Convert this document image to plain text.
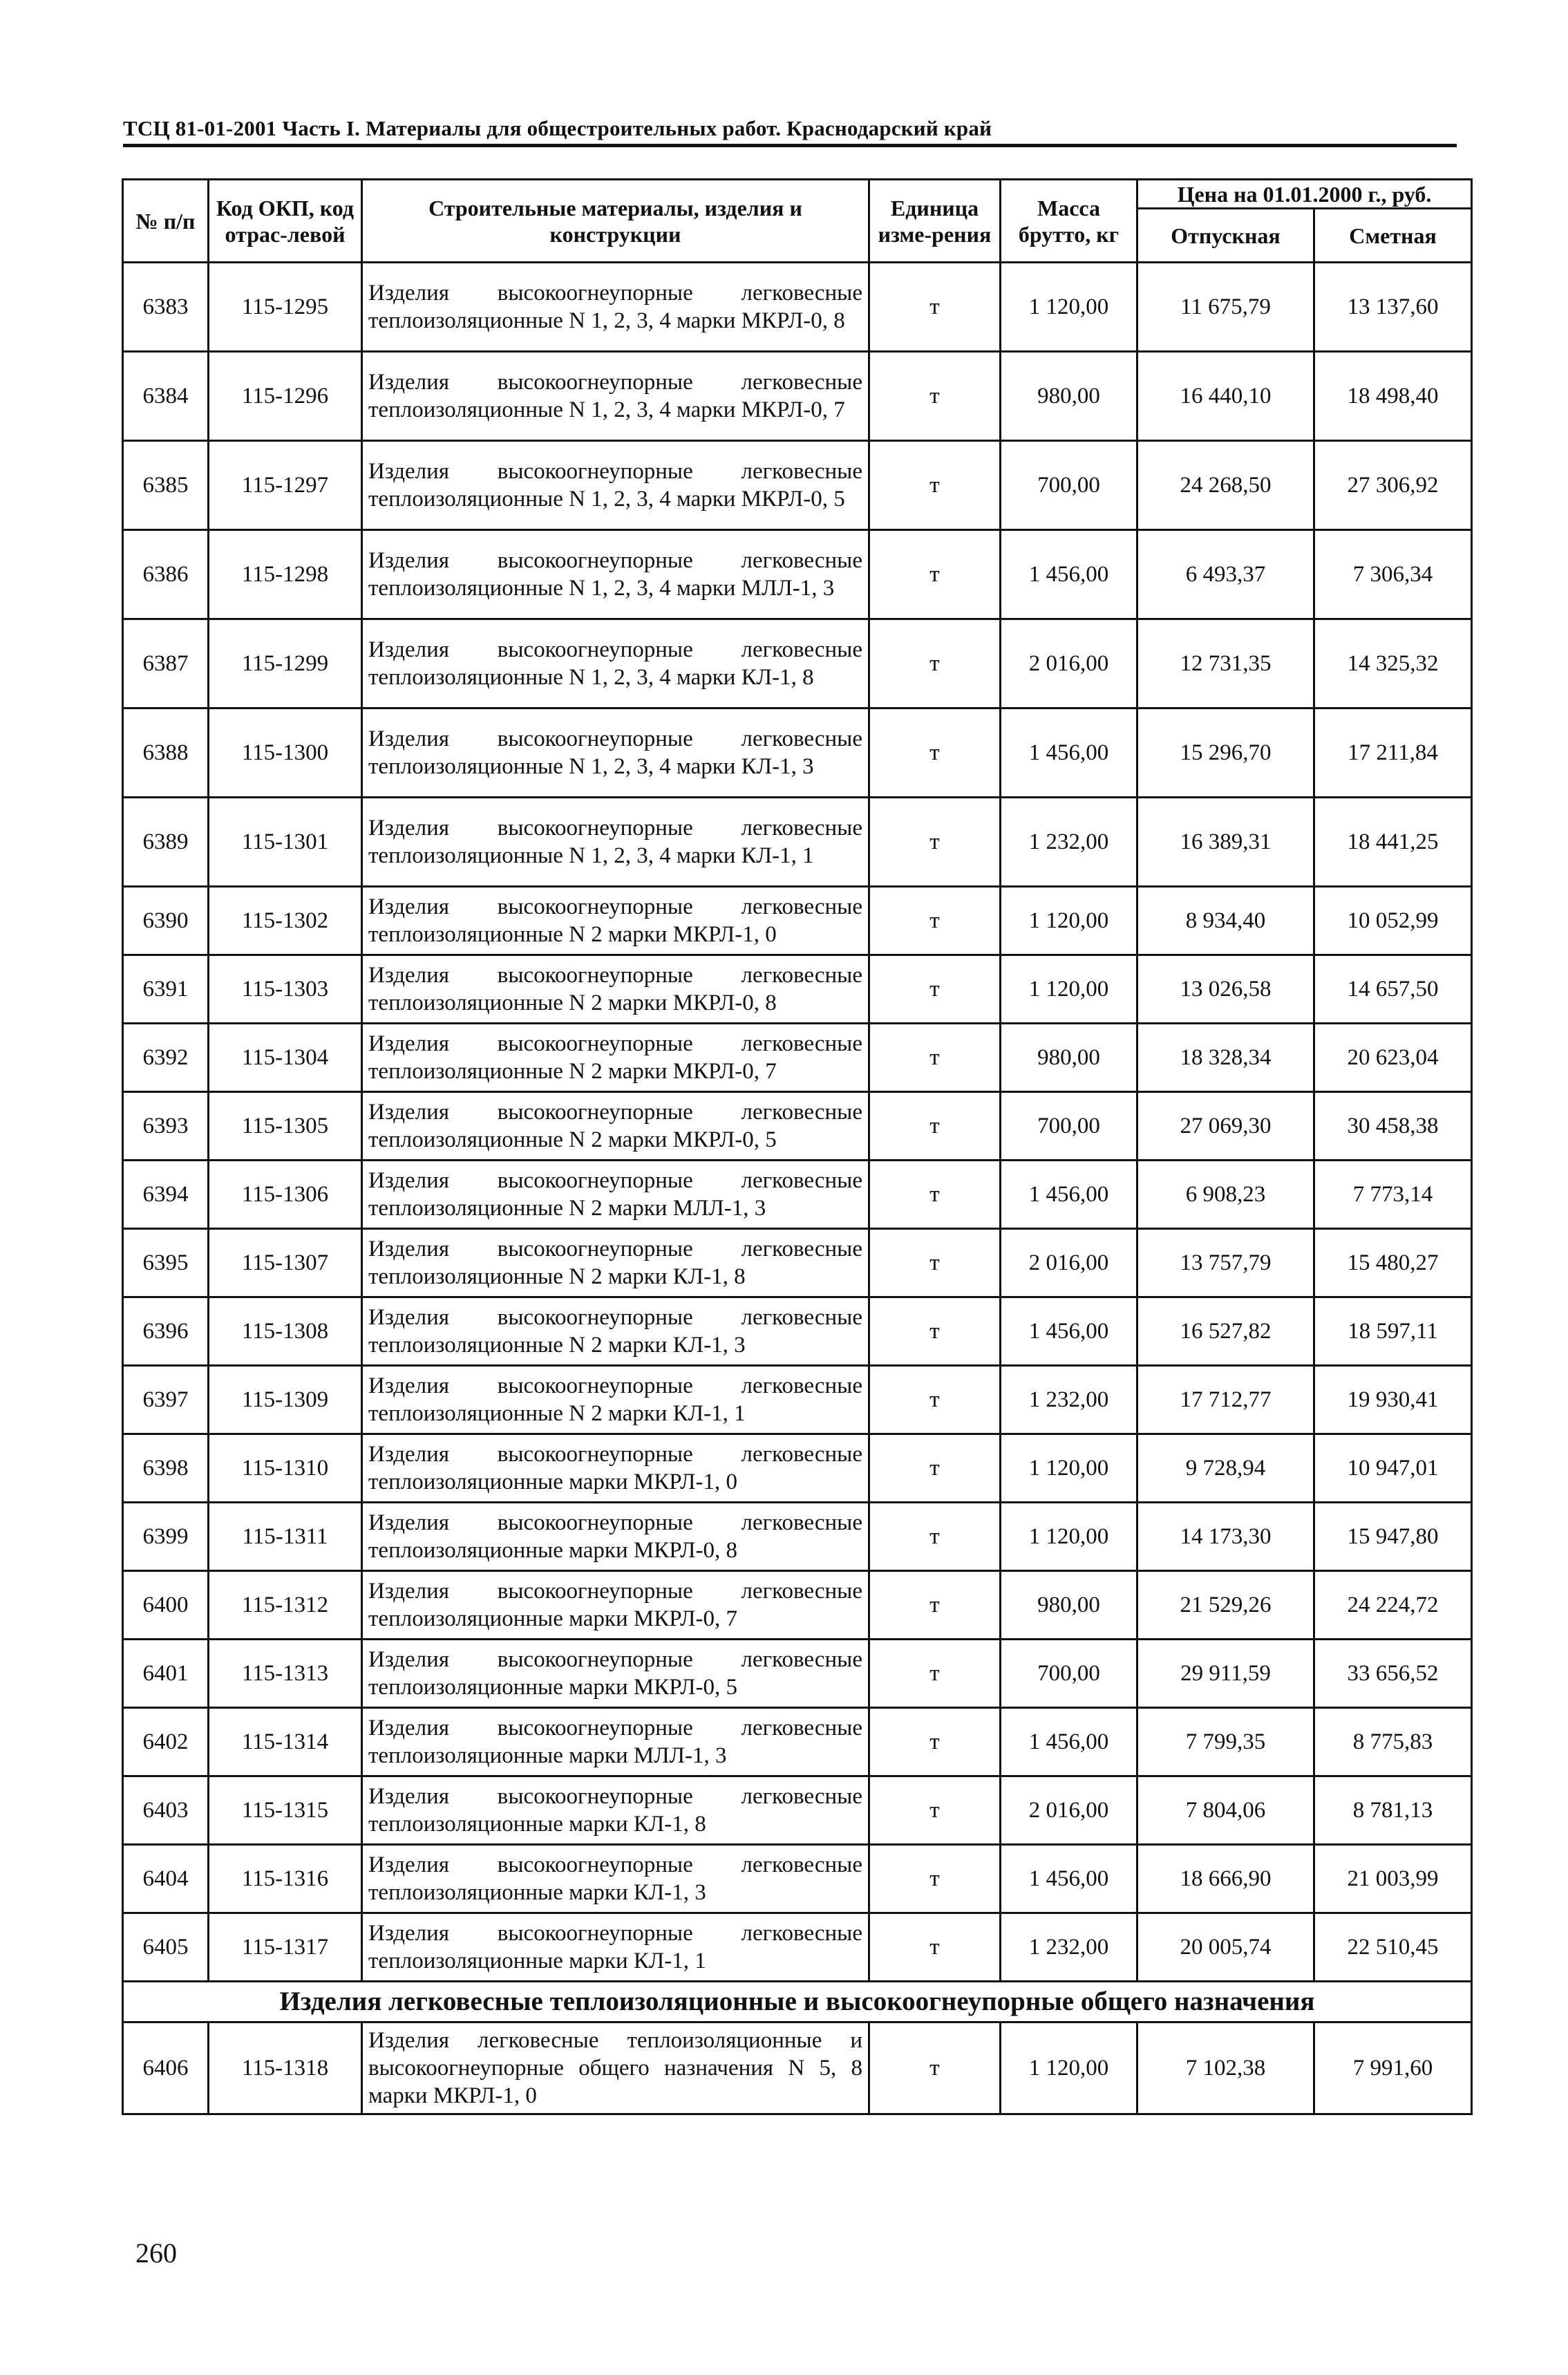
ТСЦ 81-01-2001 Часть I. Материалы для общестроительных работ. Краснодарский край
№ п/п	Код ОКП, код отрас-левой	Строительные материалы, изделия и конструкции	Единица изме-рения	Масса брутто, кг	Цена на 01.01.2000 г., руб.	
					Отпускная	Сметная
6383	115-1295	Изделия высокоогнеупорные легковесные теплоизоляционные N 1, 2, 3, 4 марки МКРЛ-0, 8	т	1 120,00	11 675,79	13 137,60
6384	115-1296	Изделия высокоогнеупорные легковесные теплоизоляционные N 1, 2, 3, 4 марки МКРЛ-0, 7	т	980,00	16 440,10	18 498,40
6385	115-1297	Изделия высокоогнеупорные легковесные теплоизоляционные N 1, 2, 3, 4 марки МКРЛ-0, 5	т	700,00	24 268,50	27 306,92
6386	115-1298	Изделия высокоогнеупорные легковесные теплоизоляционные N 1, 2, 3, 4 марки МЛЛ-1, 3	т	1 456,00	6 493,37	7 306,34
6387	115-1299	Изделия высокоогнеупорные легковесные теплоизоляционные N 1, 2, 3, 4 марки КЛ-1, 8	т	2 016,00	12 731,35	14 325,32
6388	115-1300	Изделия высокоогнеупорные легковесные теплоизоляционные N 1, 2, 3, 4 марки КЛ-1, 3	т	1 456,00	15 296,70	17 211,84
6389	115-1301	Изделия высокоогнеупорные легковесные теплоизоляционные N 1, 2, 3, 4 марки КЛ-1, 1	т	1 232,00	16 389,31	18 441,25
6390	115-1302	Изделия высокоогнеупорные легковесные теплоизоляционные N 2 марки МКРЛ-1, 0	т	1 120,00	8 934,40	10 052,99
6391	115-1303	Изделия высокоогнеупорные легковесные теплоизоляционные N 2 марки МКРЛ-0, 8	т	1 120,00	13 026,58	14 657,50
6392	115-1304	Изделия высокоогнеупорные легковесные теплоизоляционные N 2 марки МКРЛ-0, 7	т	980,00	18 328,34	20 623,04
6393	115-1305	Изделия высокоогнеупорные легковесные теплоизоляционные N 2 марки МКРЛ-0, 5	т	700,00	27 069,30	30 458,38
6394	115-1306	Изделия высокоогнеупорные легковесные теплоизоляционные N 2 марки МЛЛ-1, 3	т	1 456,00	6 908,23	7 773,14
6395	115-1307	Изделия высокоогнеупорные легковесные теплоизоляционные N 2 марки КЛ-1, 8	т	2 016,00	13 757,79	15 480,27
6396	115-1308	Изделия высокоогнеупорные легковесные теплоизоляционные N 2 марки КЛ-1, 3	т	1 456,00	16 527,82	18 597,11
6397	115-1309	Изделия высокоогнеупорные легковесные теплоизоляционные N 2 марки КЛ-1, 1	т	1 232,00	17 712,77	19 930,41
6398	115-1310	Изделия высокоогнеупорные легковесные теплоизоляционные марки МКРЛ-1, 0	т	1 120,00	9 728,94	10 947,01
6399	115-1311	Изделия высокоогнеупорные легковесные теплоизоляционные марки МКРЛ-0, 8	т	1 120,00	14 173,30	15 947,80
6400	115-1312	Изделия высокоогнеупорные легковесные теплоизоляционные марки МКРЛ-0, 7	т	980,00	21 529,26	24 224,72
6401	115-1313	Изделия высокоогнеупорные легковесные теплоизоляционные марки МКРЛ-0, 5	т	700,00	29 911,59	33 656,52
6402	115-1314	Изделия высокоогнеупорные легковесные теплоизоляционные марки МЛЛ-1, 3	т	1 456,00	7 799,35	8 775,83
6403	115-1315	Изделия высокоогнеупорные легковесные теплоизоляционные марки КЛ-1, 8	т	2 016,00	7 804,06	8 781,13
6404	115-1316	Изделия высокоогнеупорные легковесные теплоизоляционные марки КЛ-1, 3	т	1 456,00	18 666,90	21 003,99
6405	115-1317	Изделия высокоогнеупорные легковесные теплоизоляционные марки КЛ-1, 1	т	1 232,00	20 005,74	22 510,45
Изделия легковесные теплоизоляционные и высокоогнеупорные общего назначения						
6406	115-1318	Изделия легковесные теплоизоляционные и высокоогнеупорные общего назначения N 5, 8 марки МКРЛ-1, 0	т	1 120,00	7 102,38	7 991,60
260
